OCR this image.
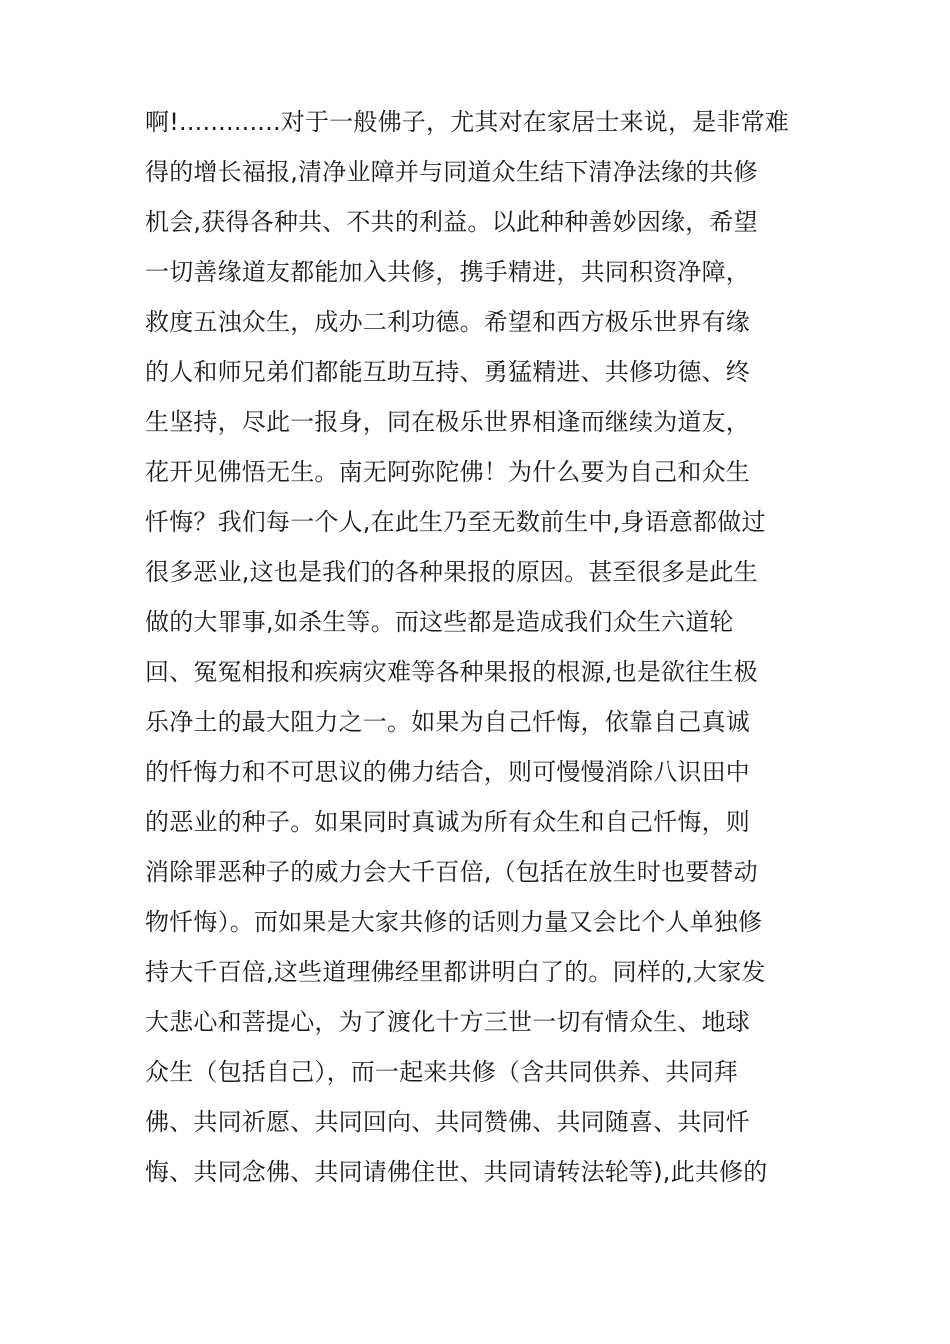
啊!.............对于一般佛子，尤其对在家居士来说，是非常难
得的增长福报,清净业障并与同道众生结下清净法缘的共修
机会,获得各种共、不共的利益。以此种种善妙因缘，希望
一切善缘道友都能加入共修，携手精进，共同积资净障，
救度五浊众生，成办二利功德。希望和西方极乐世界有缘
的人和师兄弟们都能互助互持、勇猛精进、共修功德、终
生坚持，尽此一报身，同在极乐世界相逢而继续为道友，
花开见佛悟无生。南无阿弥陀佛！为什么要为自己和众生
忏悔？我们每一个人,在此生乃至无数前生中,身语意都做过
很多恶业,这也是我们的各种果报的原因。甚至很多是此生
做的大罪事,如杀生等。而这些都是造成我们众生六道轮
回、冤冤相报和疾病灾难等各种果报的根源,也是欲往生极
乐净土的最大阻力之一。如果为自己忏悔，依靠自己真诚
的忏悔力和不可思议的佛力结合，则可慢慢消除八识田中
的恶业的种子。如果同时真诚为所有众生和自己忏悔，则
消除罪恶种子的威力会大千百倍,（包括在放生时也要替动
物忏悔）。而如果是大家共修的话则力量又会比个人单独修
持大千百倍,这些道理佛经里都讲明白了的。同样的,大家发
大悲心和菩提心，为了渡化十方三世一切有情众生、地球
众生（包括自己），而一起来共修（含共同供养、共同拜
佛、共同祈愿、共同回向、共同赞佛、共同随喜、共同忏
悔、共同念佛、共同请佛住世、共同请转法轮等),此共修的
